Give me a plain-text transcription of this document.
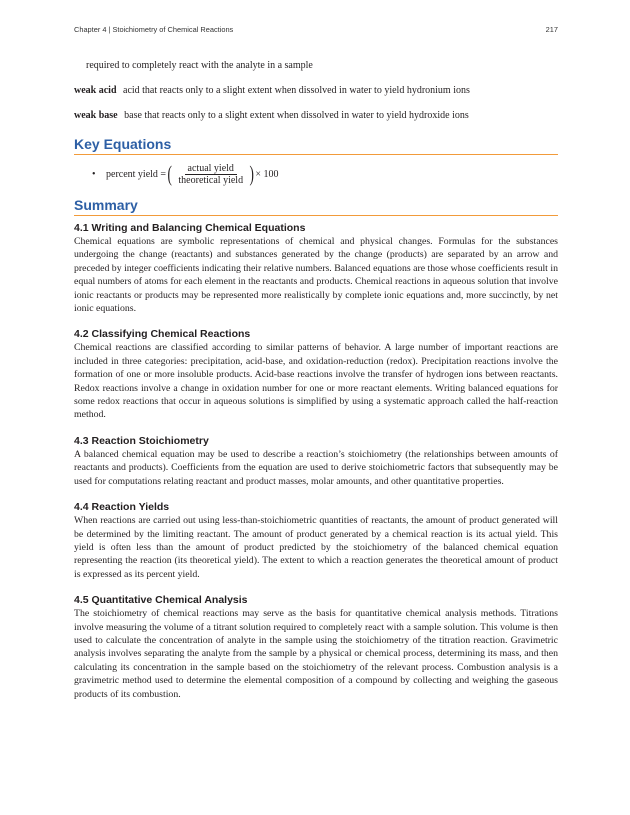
Chapter 4 | Stoichiometry of Chemical Reactions	217

required to completely react with the analyte in a sample

weak acid acid that reacts only to a slight extent when dissolved in water to yield hydronium ions

weak base base that reacts only to a slight extent when dissolved in water to yield hydroxide ions

Key Equations
•	percent yield = ( $\frac{\text{actual yield}}{\text{theoretical yield}}$ ) × 100
Summary
4.1 Writing and Balancing Chemical Equations

Chemical equations are symbolic representations of chemical and physical changes. Formulas for the substances undergoing the change (reactants) and substances generated by the change (products) are separated by an arrow and preceded by integer coefficients indicating their relative numbers. Balanced equations are those whose coefficients result in equal numbers of atoms for each element in the reactants and products. Chemical reactions in aqueous solution that involve ionic reactants or products may be represented more realistically by complete ionic equations and, more succinctly, by net ionic equations.

4.2 Classifying Chemical Reactions

Chemical reactions are classified according to similar patterns of behavior. A large number of important reactions are included in three categories: precipitation, acid-base, and oxidation-reduction (redox). Precipitation reactions involve the formation of one or more insoluble products. Acid-base reactions involve the transfer of hydrogen ions between reactants. Redox reactions involve a change in oxidation number for one or more reactant elements. Writing balanced equations for some redox reactions that occur in aqueous solutions is simplified by using a systematic approach called the half-reaction method.

4.3 Reaction Stoichiometry

A balanced chemical equation may be used to describe a reaction’s stoichiometry (the relationships between amounts of reactants and products). Coefficients from the equation are used to derive stoichiometric factors that subsequently may be used for computations relating reactant and product masses, molar amounts, and other quantitative properties.

4.4 Reaction Yields

When reactions are carried out using less-than-stoichiometric quantities of reactants, the amount of product generated will be determined by the limiting reactant. The amount of product generated by a chemical reaction is its actual yield. This yield is often less than the amount of product predicted by the stoichiometry of the balanced chemical equation representing the reaction (its theoretical yield). The extent to which a reaction generates the theoretical amount of product is expressed as its percent yield.

4.5 Quantitative Chemical Analysis

The stoichiometry of chemical reactions may serve as the basis for quantitative chemical analysis methods. Titrations involve measuring the volume of a titrant solution required to completely react with a sample solution. This volume is then used to calculate the concentration of analyte in the sample using the stoichiometry of the titration reaction. Gravimetric analysis involves separating the analyte from the sample by a physical or chemical process, determining its mass, and then calculating its concentration in the sample based on the stoichiometry of the relevant process. Combustion analysis is a gravimetric method used to determine the elemental composition of a compound by collecting and weighing the gaseous products of its combustion.
